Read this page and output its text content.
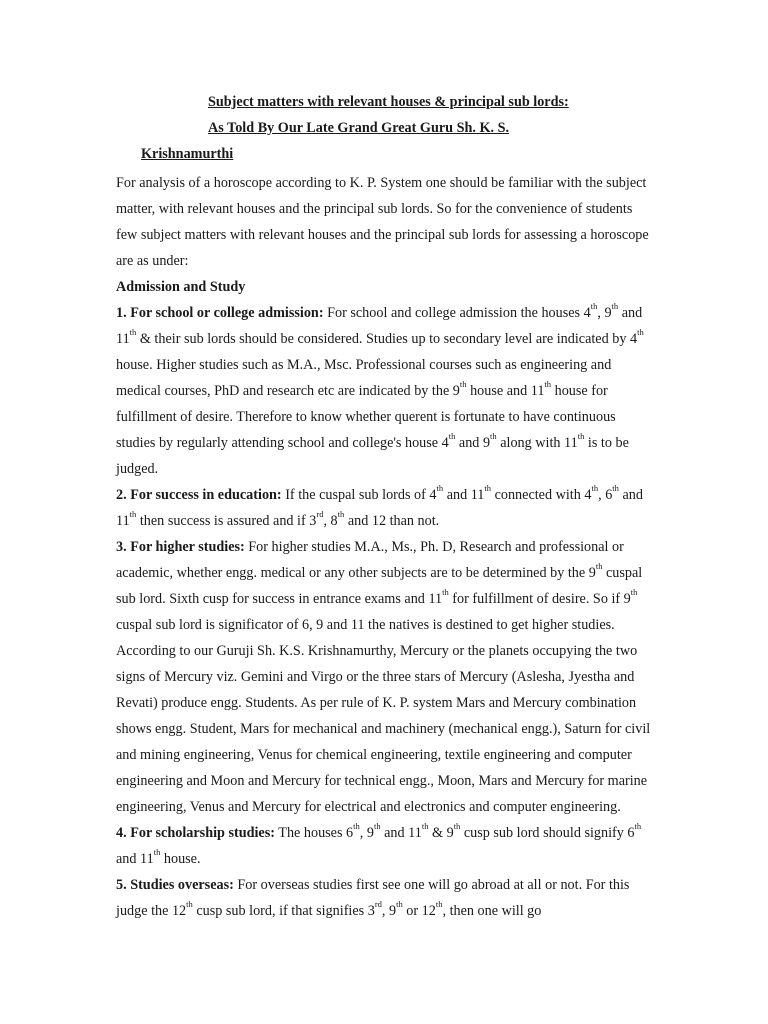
Subject matters with relevant houses & principal sub lords:
As Told By Our Late Grand Great Guru Sh. K. S.
Krishnamurthi

For analysis of a horoscope according to K. P. System one should be familiar with the subject matter, with relevant houses and the principal sub lords. So for the convenience of students few subject matters with relevant houses and the principal sub lords for assessing a horoscope are as under:

Admission and Study

1. For school or college admission: For school and college admission the houses 4th, 9th and 11th & their sub lords should be considered. Studies up to secondary level are indicated by 4th house. Higher studies such as M.A., Msc. Professional courses such as engineering and medical courses, PhD and research etc are indicated by the 9th house and 11th house for fulfillment of desire. Therefore to know whether querent is fortunate to have continuous studies by regularly attending school and college's house 4th and 9th along with 11th is to be judged.

2. For success in education: If the cuspal sub lords of 4th and 11th connected with 4th, 6th and 11th then success is assured and if 3rd, 8th and 12 than not.

3. For higher studies: For higher studies M.A., Ms., Ph. D, Research and professional or academic, whether engg. medical or any other subjects are to be determined by the 9th cuspal sub lord. Sixth cusp for success in entrance exams and 11th for fulfillment of desire. So if 9th cuspal sub lord is significator of 6, 9 and 11 the natives is destined to get higher studies. According to our Guruji Sh. K.S. Krishnamurthy, Mercury or the planets occupying the two signs of Mercury viz. Gemini and Virgo or the three stars of Mercury (Aslesha, Jyestha and Revati) produce engg. Students. As per rule of K. P. system Mars and Mercury combination shows engg. Student, Mars for mechanical and machinery (mechanical engg.), Saturn for civil and mining engineering, Venus for chemical engineering, textile engineering and computer engineering and Moon and Mercury for technical engg., Moon, Mars and Mercury for marine engineering, Venus and Mercury for electrical and electronics and computer engineering.

4. For scholarship studies: The houses 6th, 9th and 11th & 9th cusp sub lord should signify 6th and 11th house.

5. Studies overseas: For overseas studies first see one will go abroad at all or not. For this judge the 12th cusp sub lord, if that signifies 3rd, 9th or 12th, then one will go
